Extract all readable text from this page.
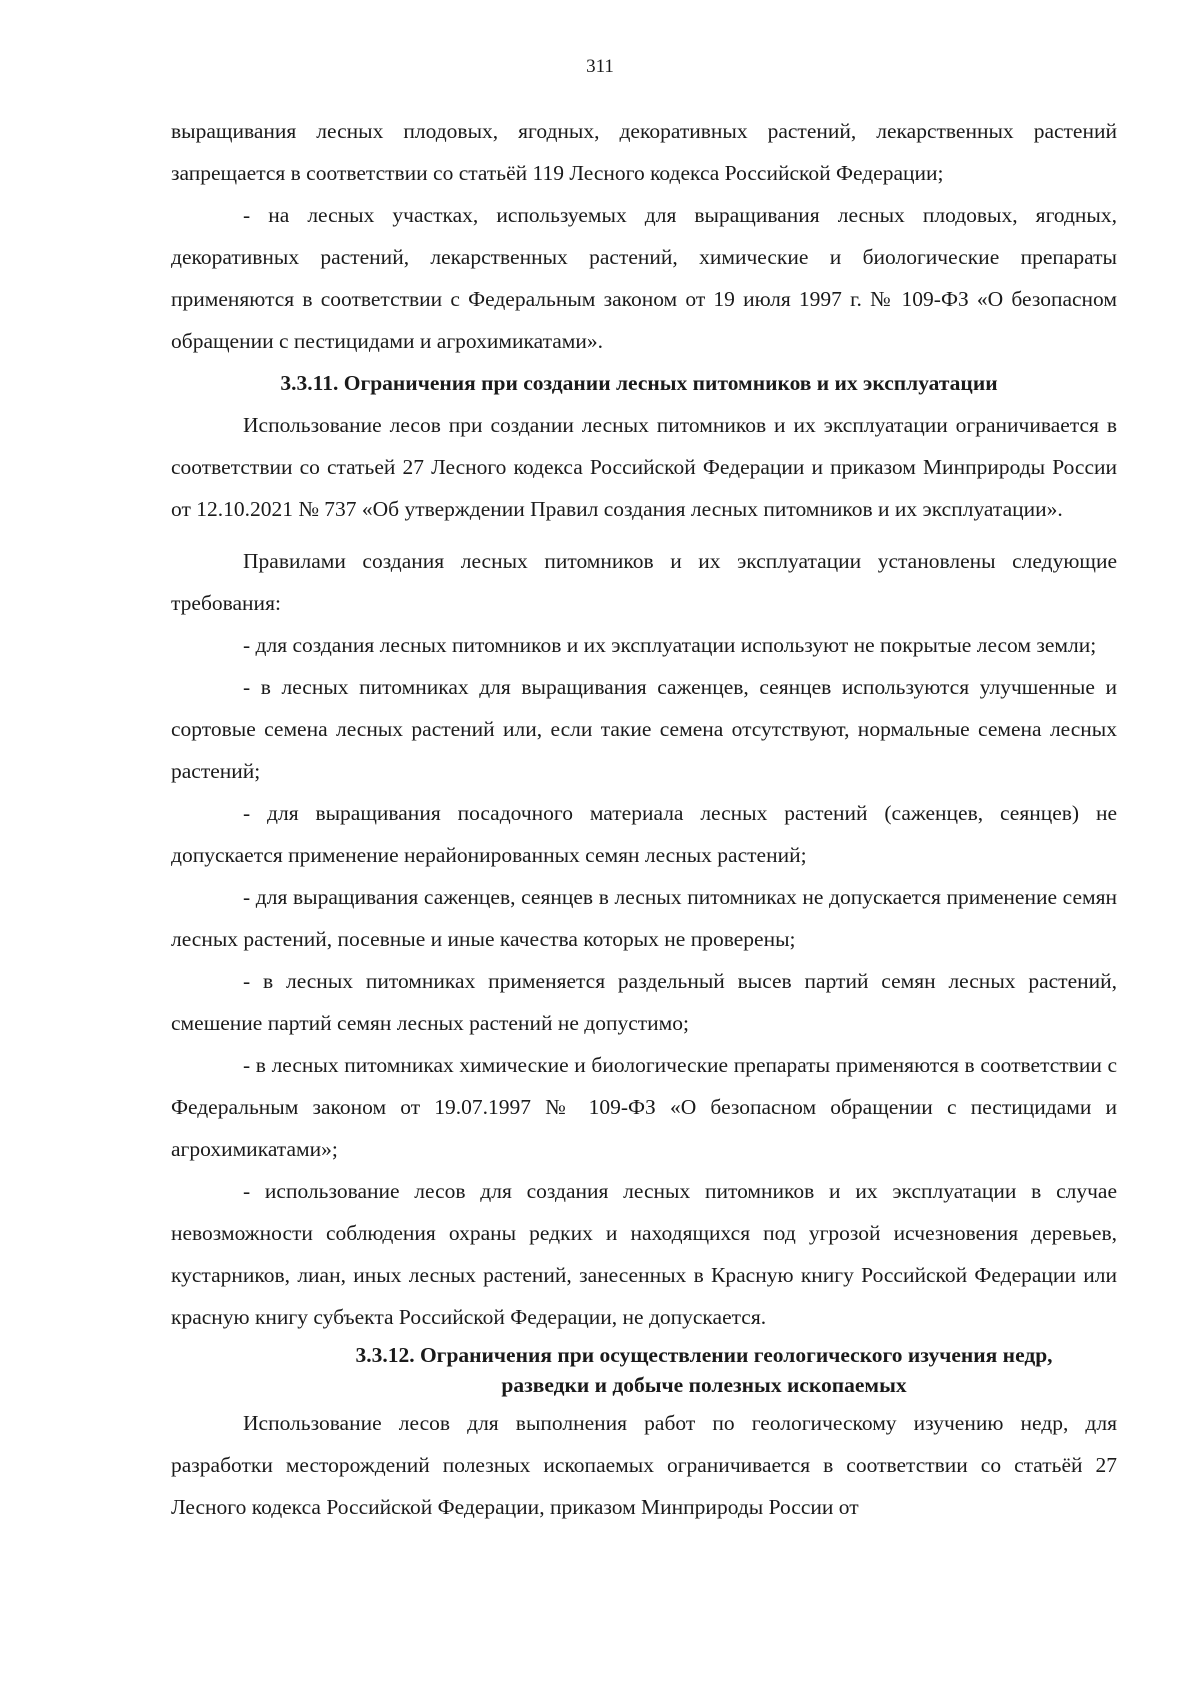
311

выращивания лесных плодовых, ягодных, декоративных растений, лекарственных растений запрещается в соответствии со статьёй 119 Лесного кодекса Российской Федерации;

- на лесных участках, используемых для выращивания лесных плодовых, ягодных, декоративных растений, лекарственных растений, химические и биологические препараты применяются в соответствии с Федеральным законом от 19 июля 1997 г. № 109-ФЗ «О безопасном обращении с пестицидами и агрохимикатами».

3.3.11. Ограничения при создании лесных питомников и их эксплуатации

Использование лесов при создании лесных питомников и их эксплуатации ограничивается в соответствии со статьей 27 Лесного кодекса Российской Федерации и приказом Минприроды России от 12.10.2021 № 737 «Об утверждении Правил создания лесных питомников и их эксплуатации».

Правилами создания лесных питомников и их эксплуатации установлены следующие требования:

- для создания лесных питомников и их эксплуатации используют не покрытые лесом земли;

- в лесных питомниках для выращивания саженцев, сеянцев используются улучшенные и сортовые семена лесных растений или, если такие семена отсутствуют, нормальные семена лесных растений;

- для выращивания посадочного материала лесных растений (саженцев, сеянцев) не допускается применение нерайонированных семян лесных растений;

- для выращивания саженцев, сеянцев в лесных питомниках не допускается применение семян лесных растений, посевные и иные качества которых не проверены;

- в лесных питомниках применяется раздельный высев партий семян лесных растений, смешение партий семян лесных растений не допустимо;

- в лесных питомниках химические и биологические препараты применяются в соответствии с Федеральным законом от 19.07.1997 № 109-ФЗ «О безопасном обращении с пестицидами и агрохимикатами»;

- использование лесов для создания лесных питомников и их эксплуатации в случае невозможности соблюдения охраны редких и находящихся под угрозой исчезновения деревьев, кустарников, лиан, иных лесных растений, занесенных в Красную книгу Российской Федерации или красную книгу субъекта Российской Федерации, не допускается.

3.3.12. Ограничения при осуществлении геологического изучения недр,
разведки и добыче полезных ископаемых

Использование лесов для выполнения работ по геологическому изучению недр, для разработки месторождений полезных ископаемых ограничивается в соответствии со статьёй 27 Лесного кодекса Российской Федерации, приказом Минприроды России от
